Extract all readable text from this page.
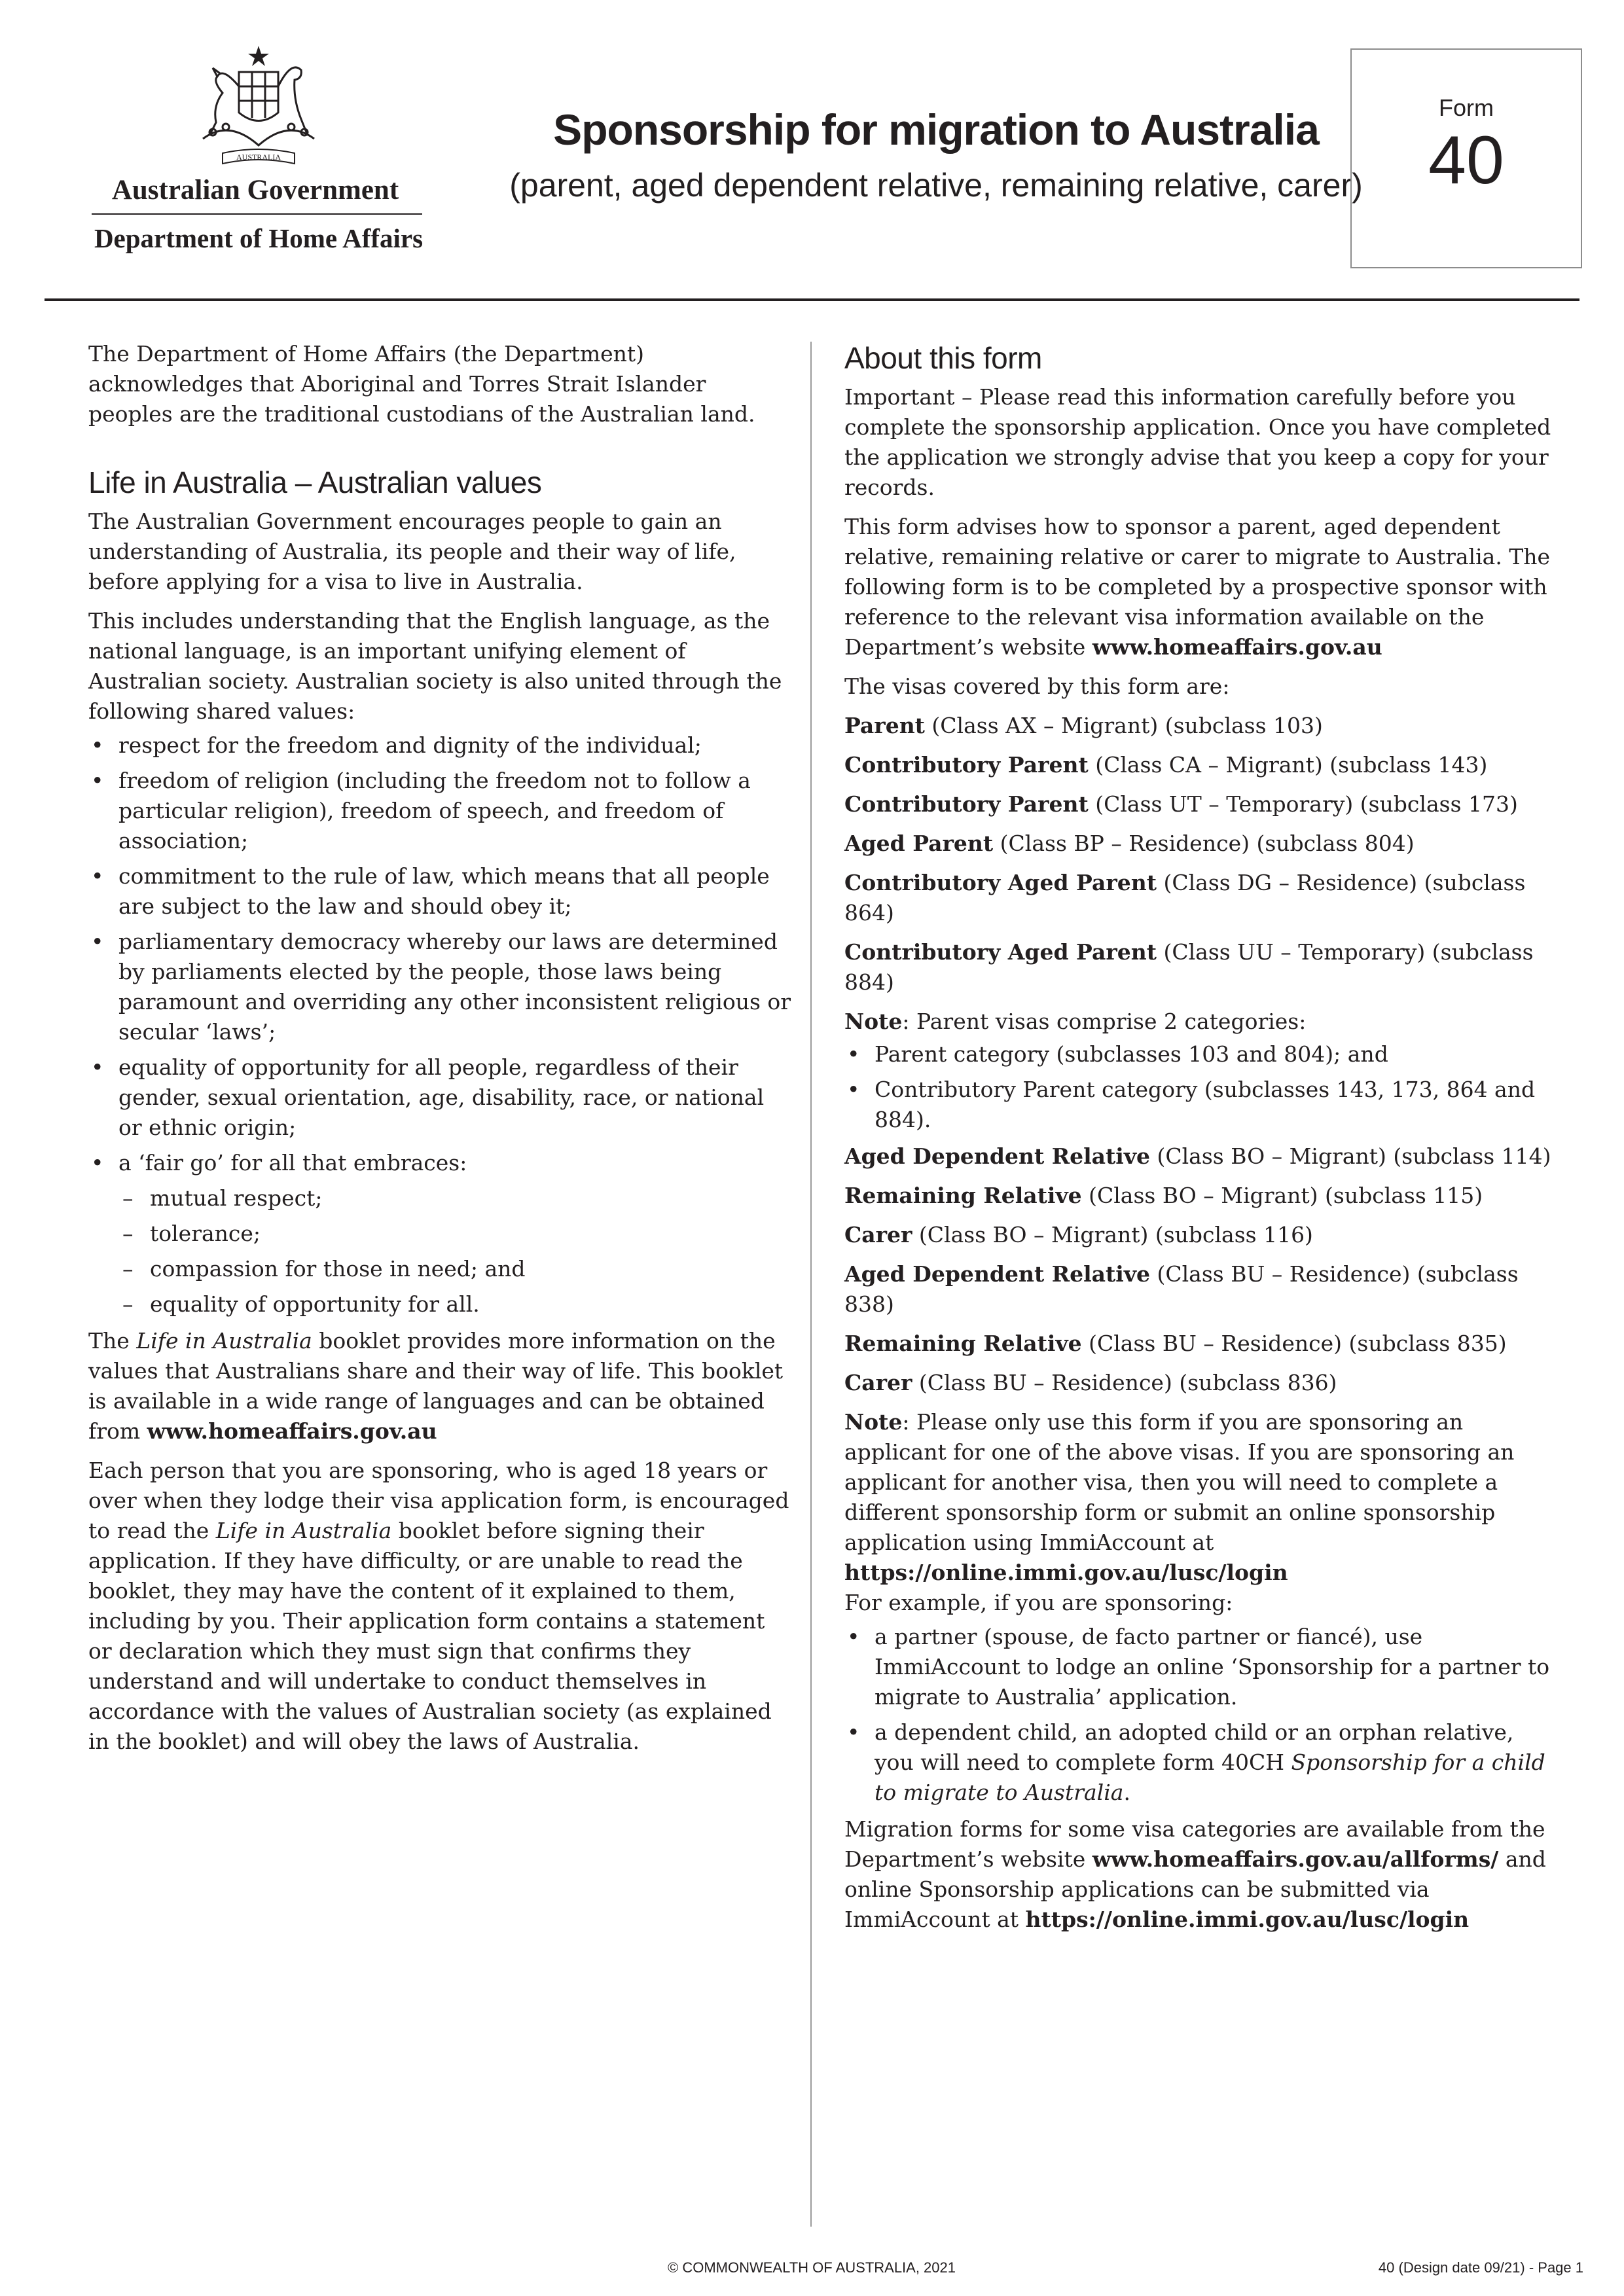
AUSTRALIA
Australian Government
Department of Home Affairs
Sponsorship for migration to Australia
(parent, aged dependent relative, remaining relative, carer)
Form
40

The Department of Home Affairs (the Department) acknowledges that Aboriginal and Torres Strait Islander peoples are the traditional custodians of the Australian land.

Life in Australia – Australian values

The Australian Government encourages people to gain an understanding of Australia, its people and their way of life, before applying for a visa to live in Australia.

This includes understanding that the English language, as the national language, is an important unifying element of Australian society. Australian society is also united through the following shared values:

• respect for the freedom and dignity of the individual;
• freedom of religion (including the freedom not to follow a particular religion), freedom of speech, and freedom of association;
• commitment to the rule of law, which means that all people are subject to the law and should obey it;
• parliamentary democracy whereby our laws are determined by parliaments elected by the people, those laws being paramount and overriding any other inconsistent religious or secular ‘laws’;
• equality of opportunity for all people, regardless of their gender, sexual orientation, age, disability, race, or national or ethnic origin;
• a ‘fair go’ for all that embraces:
– mutual respect;
– tolerance;
– compassion for those in need; and
– equality of opportunity for all.

The Life in Australia booklet provides more information on the values that Australians share and their way of life. This booklet is available in a wide range of languages and can be obtained from www.homeaffairs.gov.au

Each person that you are sponsoring, who is aged 18 years or over when they lodge their visa application form, is encouraged to read the Life in Australia booklet before signing their application. If they have difficulty, or are unable to read the booklet, they may have the content of it explained to them, including by you. Their application form contains a statement or declaration which they must sign that confirms they understand and will undertake to conduct themselves in accordance with the values of Australian society (as explained in the booklet) and will obey the laws of Australia.

About this form

Important – Please read this information carefully before you complete the sponsorship application. Once you have completed the application we strongly advise that you keep a copy for your records.

This form advises how to sponsor a parent, aged dependent relative, remaining relative or carer to migrate to Australia. The following form is to be completed by a prospective sponsor with reference to the relevant visa information available on the Department’s website www.homeaffairs.gov.au

The visas covered by this form are:

Parent (Class AX – Migrant) (subclass 103)

Contributory Parent (Class CA – Migrant) (subclass 143)

Contributory Parent (Class UT – Temporary) (subclass 173)

Aged Parent (Class BP – Residence) (subclass 804)

Contributory Aged Parent (Class DG – Residence) (subclass 864)

Contributory Aged Parent (Class UU – Temporary) (subclass 884)

Note: Parent visas comprise 2 categories:

• Parent category (subclasses 103 and 804); and
• Contributory Parent category (subclasses 143, 173, 864 and 884).

Aged Dependent Relative (Class BO – Migrant) (subclass 114)

Remaining Relative (Class BO – Migrant) (subclass 115)

Carer (Class BO – Migrant) (subclass 116)

Aged Dependent Relative (Class BU – Residence) (subclass 838)

Remaining Relative (Class BU – Residence) (subclass 835)

Carer (Class BU – Residence) (subclass 836)

Note: Please only use this form if you are sponsoring an applicant for one of the above visas. If you are sponsoring an applicant for another visa, then you will need to complete a different sponsorship form or submit an online sponsorship application using ImmiAccount at

https://online.immi.gov.au/lusc/login

For example, if you are sponsoring:

• a partner (spouse, de facto partner or fiancé), use ImmiAccount to lodge an online ‘Sponsorship for a partner to migrate to Australia’ application.
• a dependent child, an adopted child or an orphan relative, you will need to complete form 40CH Sponsorship for a child to migrate to Australia.

Migration forms for some visa categories are available from the Department’s website www.homeaffairs.gov.au/allforms/ and online Sponsorship applications can be submitted via ImmiAccount at https://online.immi.gov.au/lusc/login

© COMMONWEALTH OF AUSTRALIA, 2021	40 (Design date 09/21) - Page 1
